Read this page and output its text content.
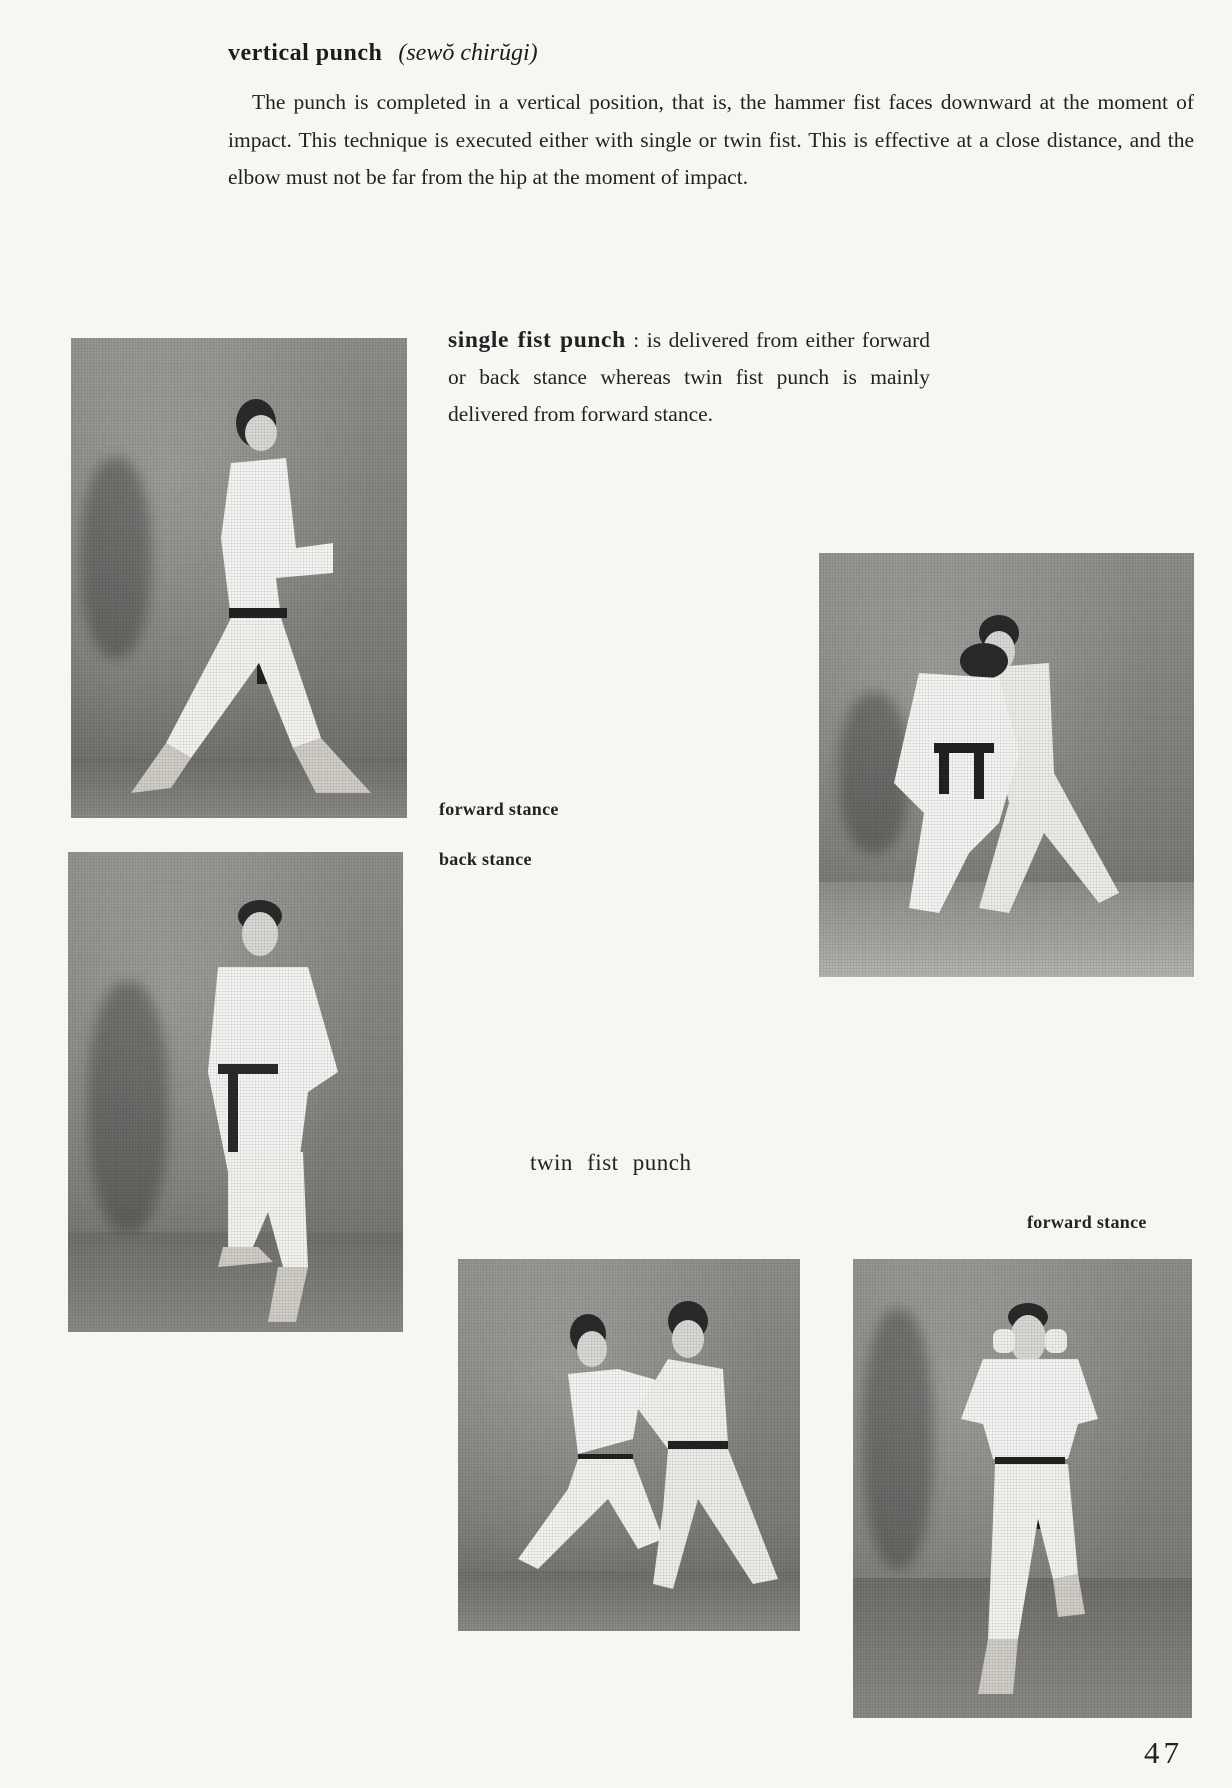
vertical punch (sewŏ chirŭgi)
The punch is completed in a vertical position, that is, the hammer fist faces downward at the moment of impact. This technique is executed either with single or twin fist. This is effective at a close distance, and the elbow must not be far from the hip at the moment of impact.
single fist punch : is delivered from either forward or back stance whereas twin fist punch is mainly delivered from forward stance.
forward stance
back stance
twin fist punch
forward stance
47
